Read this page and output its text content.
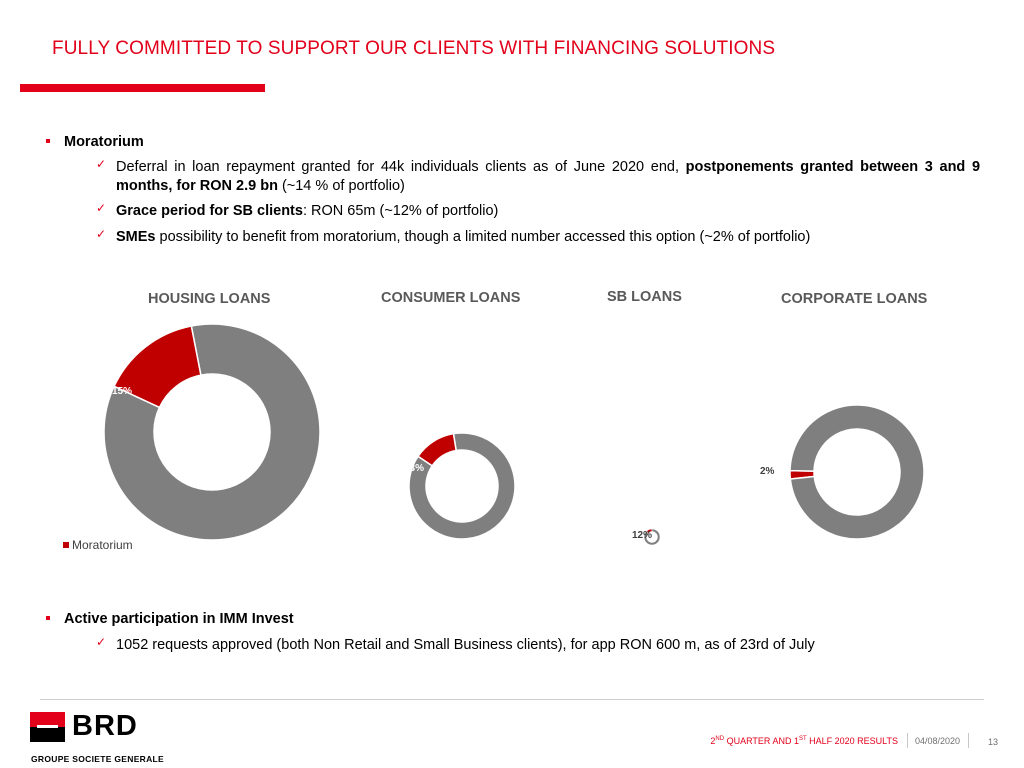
FULLY COMMITTED TO SUPPORT OUR CLIENTS WITH FINANCING SOLUTIONS
Moratorium
✓ Deferral in loan repayment granted for 44k individuals clients as of June 2020 end, postponements granted between 3 and 9 months, for RON 2.9 bn (~14 % of portfolio)
✓ Grace period for SB clients: RON 65m (~12% of portfolio)
✓ SMEs possibility to benefit from moratorium, though a limited number accessed this option (~2% of portfolio)
HOUSING LOANS	CONSUMER LOANS	SB LOANS	CORPORATE LOANS
15%
13%
12%
2%
Moratorium
Active participation in IMM Invest
✓ 1052 requests approved (both Non Retail and Small Business clients), for app RON 600 m, as of 23rd of July
BRD
GROUPE SOCIETE GENERALE
2ND QUARTER AND 1ST HALF 2020 RESULTS 04/08/2020	13
